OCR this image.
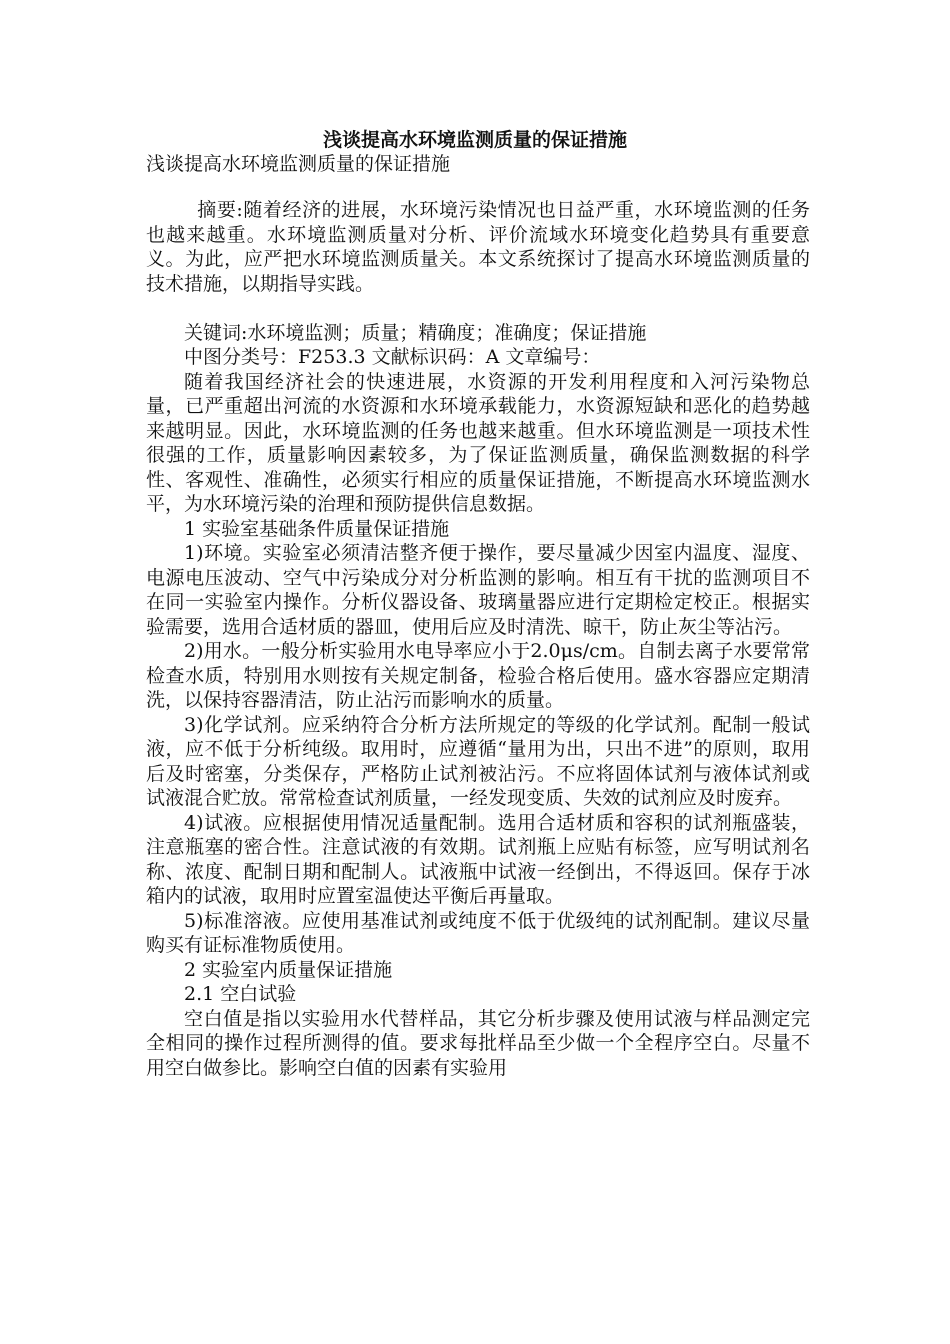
浅谈提高水环境监测质量的保证措施
浅谈提高水环境监测质量的保证措施

摘要:随着经济的进展，水环境污染情况也日益严重，水环境监测的任务也越来越重。水环境监测质量对分析、评价流域水环境变化趋势具有重要意义。为此，应严把水环境监测质量关。本文系统探讨了提高水环境监测质量的技术措施，以期指导实践。

关键词:水环境监测；质量；精确度；准确度；保证措施

中图分类号：F253.3 文献标识码：A 文章编号：

随着我国经济社会的快速进展，水资源的开发利用程度和入河污染物总量，已严重超出河流的水资源和水环境承载能力，水资源短缺和恶化的趋势越来越明显。因此，水环境监测的任务也越来越重。但水环境监测是一项技术性很强的工作，质量影响因素较多，为了保证监测质量，确保监测数据的科学性、客观性、准确性，必须实行相应的质量保证措施，不断提高水环境监测水平，为水环境污染的治理和预防提供信息数据。

1 实验室基础条件质量保证措施

1)环境。实验室必须清洁整齐便于操作，要尽量减少因室内温度、湿度、电源电压波动、空气中污染成分对分析监测的影响。相互有干扰的监测项目不在同一实验室内操作。分析仪器设备、玻璃量器应进行定期检定校正。根据实验需要，选用合适材质的器皿，使用后应及时清洗、晾干，防止灰尘等沾污。

2)用水。一般分析实验用水电导率应小于2.0μs/cm。自制去离子水要常常检查水质，特别用水则按有关规定制备，检验合格后使用。盛水容器应定期清洗，以保持容器清洁，防止沾污而影响水的质量。

3)化学试剂。应采纳符合分析方法所规定的等级的化学试剂。配制一般试液，应不低于分析纯级。取用时，应遵循“量用为出，只出不进”的原则，取用后及时密塞，分类保存，严格防止试剂被沾污。不应将固体试剂与液体试剂或试液混合贮放。常常检查试剂质量，一经发现变质、失效的试剂应及时废弃。

4)试液。应根据使用情况适量配制。选用合适材质和容积的试剂瓶盛装，注意瓶塞的密合性。注意试液的有效期。试剂瓶上应贴有标签，应写明试剂名称、浓度、配制日期和配制人。试液瓶中试液一经倒出，不得返回。保存于冰箱内的试液，取用时应置室温使达平衡后再量取。

5)标准溶液。应使用基准试剂或纯度不低于优级纯的试剂配制。建议尽量购买有证标准物质使用。

2 实验室内质量保证措施

2.1 空白试验

空白值是指以实验用水代替样品，其它分析步骤及使用试液与样品测定完全相同的操作过程所测得的值。要求每批样品至少做一个全程序空白。尽量不用空白做参比。影响空白值的因素有实验用
